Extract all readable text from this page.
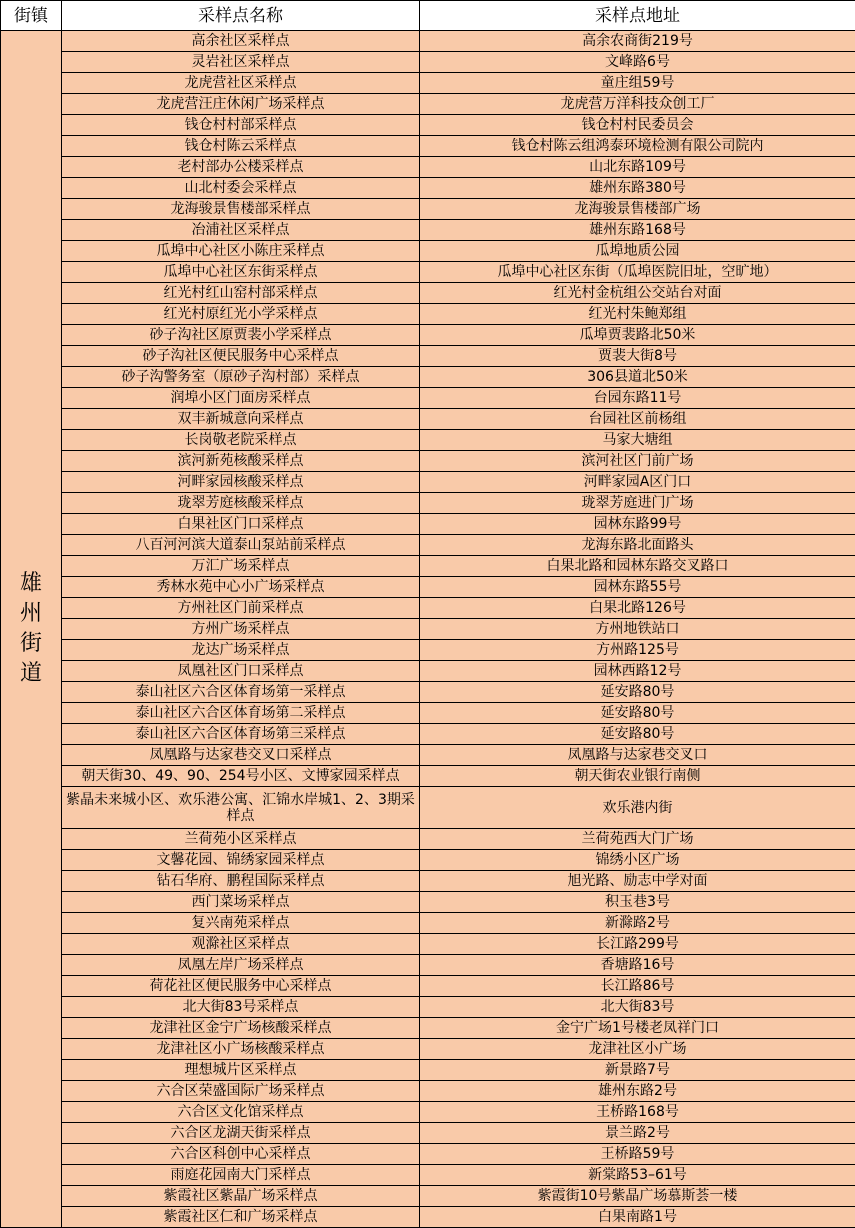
街镇	采样点名称	采样点地址
雄州街道	高余社区采样点	高余农商街219号
	灵岩社区采样点	文峰路6号
	龙虎营社区采样点	童庄组59号
	龙虎营汪庄休闲广场采样点	龙虎营万洋科技众创工厂
	钱仓村村部采样点	钱仓村村民委员会
	钱仓村陈云采样点	钱仓村陈云组鸿泰环境检测有限公司院内
	老村部办公楼采样点	山北东路109号
	山北村委会采样点	雄州东路380号
	龙海骏景售楼部采样点	龙海骏景售楼部广场
	冶浦社区采样点	雄州东路168号
	瓜埠中心社区小陈庄采样点	瓜埠地质公园
	瓜埠中心社区东街采样点	瓜埠中心社区东街（瓜埠医院旧址，空旷地）
	红光村红山窑村部采样点	红光村金杭组公交站台对面
	红光村原红光小学采样点	红光村朱鲍郑组
	砂子沟社区原贾裴小学采样点	瓜埠贾裴路北50米
	砂子沟社区便民服务中心采样点	贾裴大街8号
	砂子沟警务室（原砂子沟村部）采样点	306县道北50米
	润埠小区门面房采样点	台园东路11号
	双丰新城意向采样点	台园社区前杨组
	长岗敬老院采样点	马家大塘组
	滨河新苑核酸采样点	滨河社区门前广场
	河畔家园核酸采样点	河畔家园A区门口
	珑翠芳庭核酸采样点	珑翠芳庭进门广场
	白果社区门口采样点	园林东路99号
	八百河河滨大道泰山泵站前采样点	龙海东路北面路头
	万汇广场采样点	白果北路和园林东路交叉路口
	秀林水苑中心小广场采样点	园林东路55号
	方州社区门前采样点	白果北路126号
	方州广场采样点	方州地铁站口
	龙达广场采样点	方州路125号
	凤凰社区门口采样点	园林西路12号
	泰山社区六合区体育场第一采样点	延安路80号
	泰山社区六合区体育场第二采样点	延安路80号
	泰山社区六合区体育场第三采样点	延安路80号
	凤凰路与达家巷交叉口采样点	凤凰路与达家巷交叉口
	朝天街30、49、90、254号小区、文博家园采样点	朝天街农业银行南侧
	紫晶未来城小区、欢乐港公寓、汇锦水岸城1、2、3期采样点	欢乐港内街
	兰荷苑小区采样点	兰荷苑西大门广场
	文馨花园、锦绣家园采样点	锦绣小区广场
	钻石华府、鹏程国际采样点	旭光路、励志中学对面
	西门菜场采样点	积玉巷3号
	复兴南苑采样点	新滁路2号
	观滁社区采样点	长江路299号
	凤凰左岸广场采样点	香塘路16号
	荷花社区便民服务中心采样点	长江路86号
	北大街83号采样点	北大街83号
	龙津社区金宁广场核酸采样点	金宁广场1号楼老凤祥门口
	龙津社区小广场核酸采样点	龙津社区小广场
	理想城片区采样点	新景路7号
	六合区荣盛国际广场采样点	雄州东路2号
	六合区文化馆采样点	王桥路168号
	六合区龙湖天街采样点	景兰路2号
	六合区科创中心采样点	王桥路59号
	雨庭花园南大门采样点	新棠路53–61号
	紫霞社区紫晶广场采样点	紫霞街10号紫晶广场慕斯荟一楼
	紫霞社区仁和广场采样点	白果南路1号
